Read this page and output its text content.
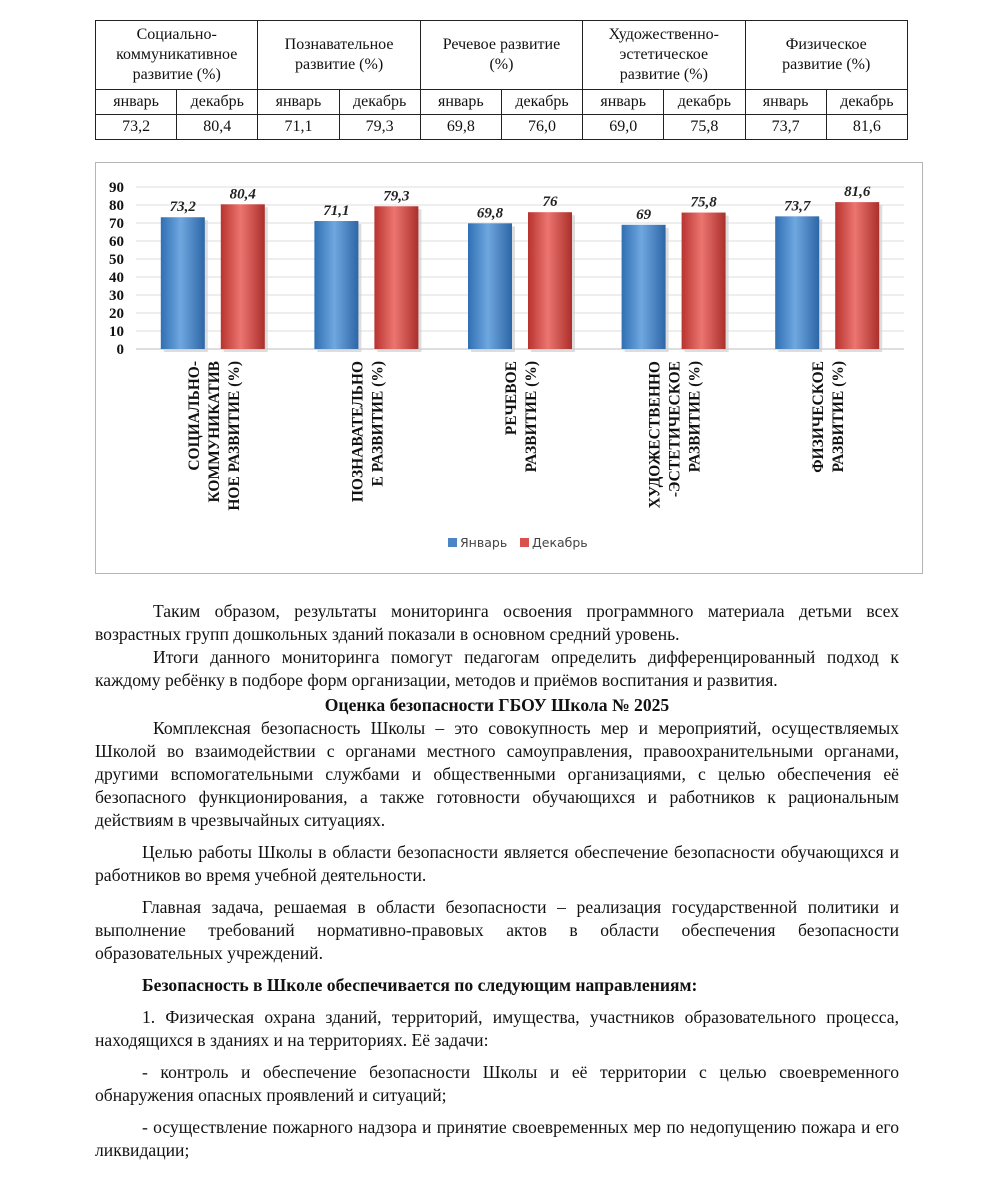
Социально-коммуникативное развитие (%)		Познавательное развитие (%)		Речевое развитие (%)		Художественно-эстетическое развитие (%)		Физическое развитие (%)	
январь	декабрь	январь	декабрь	январь	декабрь	январь	декабрь	январь	декабрь
73,2	80,4	71,1	79,3	69,8	76,0	69,0	75,8	73,7	81,6
0
10
20
30
40
50
60
70
80
90
73,2
80,4
СОЦИАЛЬНО- КОММУНИКАТИВ НОЕ РАЗВИТИЕ (%)
71,1
79,3
ПОЗНАВАТЕЛЬНО Е РАЗВИТИЕ (%)
69,8
76
РЕЧЕВОЕ РАЗВИТИЕ (%)
69
75,8
ХУДОЖЕСТВЕННО -ЭСТЕТИЧЕСКОЕ РАЗВИТИЕ (%)
73,7
81,6
ФИЗИЧЕСКОЕ РАЗВИТИЕ (%)
Январь Декабрь

Таким образом, результаты мониторинга освоения программного материала детьми всех возрастных групп дошкольных зданий показали в основном средний уровень.

Итоги данного мониторинга помогут педагогам определить дифференцированный подход к каждому ребёнку в подборе форм организации, методов и приёмов воспитания и развития.

Оценка безопасности ГБОУ Школа № 2025

Комплексная безопасность Школы – это совокупность мер и мероприятий, осуществляемых Школой во взаимодействии с органами местного самоуправления, правоохранительными органами, другими вспомогательными службами и общественными организациями, с целью обеспечения её безопасного функционирования, а также готовности обучающихся и работников к рациональным действиям в чрезвычайных ситуациях.

Целью работы Школы в области безопасности является обеспечение безопасности обучающихся и работников во время учебной деятельности.

Главная задача, решаемая в области безопасности – реализация государственной политики и выполнение требований нормативно-правовых актов в области обеспечения безопасности образовательных учреждений.

Безопасность в Школе обеспечивается по следующим направлениям:

1. Физическая охрана зданий, территорий, имущества, участников образовательного процесса, находящихся в зданиях и на территориях. Её задачи:

- контроль и обеспечение безопасности Школы и её территории с целью своевременного обнаружения опасных проявлений и ситуаций;

- осуществление пожарного надзора и принятие своевременных мер по недопущению пожара и его ликвидации;
